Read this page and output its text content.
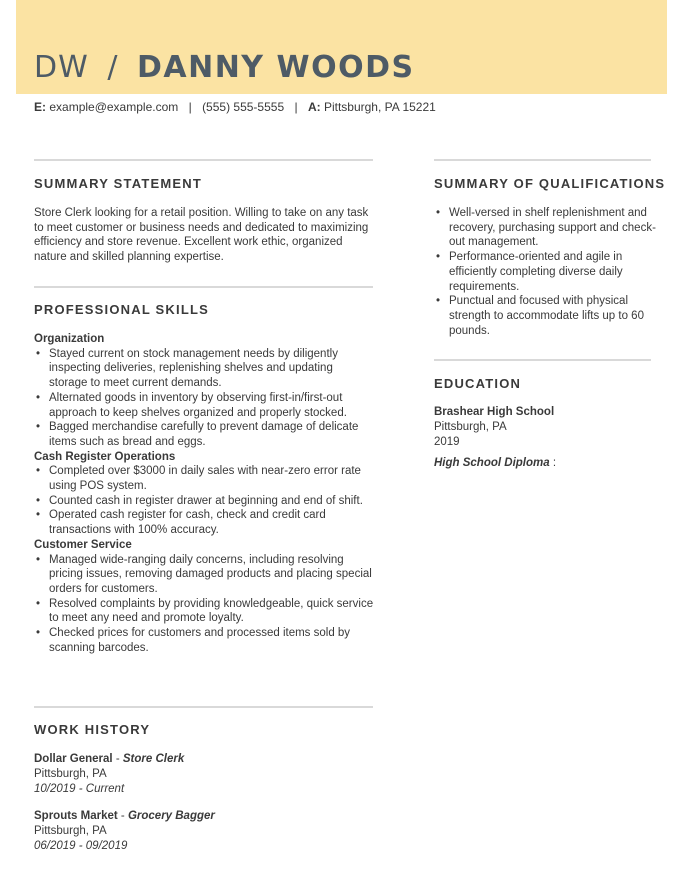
DW / DANNY WOODS
E: example@example.com | (555) 555-5555 | A: Pittsburgh, PA 15221
SUMMARY STATEMENT
Store Clerk looking for a retail position. Willing to take on any task to meet customer or business needs and dedicated to maximizing efficiency and store revenue. Excellent work ethic, organized nature and skilled planning expertise.
PROFESSIONAL SKILLS
Organization
• Stayed current on stock management needs by diligently inspecting deliveries, replenishing shelves and updating storage to meet current demands.
• Alternated goods in inventory by observing first-in/first-out approach to keep shelves organized and properly stocked.
• Bagged merchandise carefully to prevent damage of delicate items such as bread and eggs.
Cash Register Operations
• Completed over $3000 in daily sales with near-zero error rate using POS system.
• Counted cash in register drawer at beginning and end of shift.
• Operated cash register for cash, check and credit card transactions with 100% accuracy.
Customer Service
• Managed wide-ranging daily concerns, including resolving pricing issues, removing damaged products and placing special orders for customers.
• Resolved complaints by providing knowledgeable, quick service to meet any need and promote loyalty.
• Checked prices for customers and processed items sold by scanning barcodes.
WORK HISTORY
Dollar General - Store Clerk
Pittsburgh, PA
10/2019 - Current
Sprouts Market - Grocery Bagger
Pittsburgh, PA
06/2019 - 09/2019
SUMMARY OF QUALIFICATIONS
• Well-versed in shelf replenishment and recovery, purchasing support and check-out management.
• Performance-oriented and agile in efficiently completing diverse daily requirements.
• Punctual and focused with physical strength to accommodate lifts up to 60 pounds.
EDUCATION
Brashear High School
Pittsburgh, PA
2019
High School Diploma :
